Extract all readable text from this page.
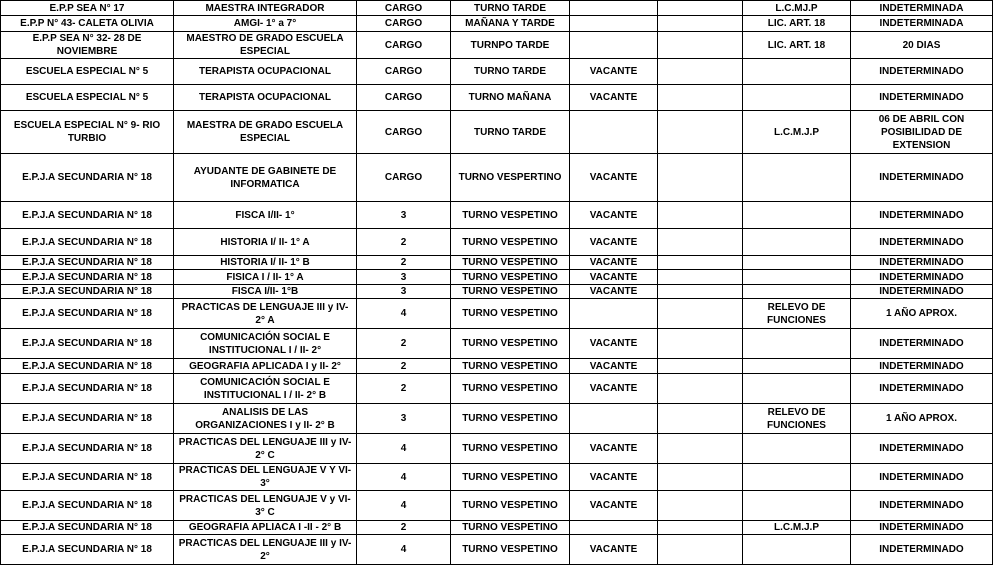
E.P.P SEA N° 17	MAESTRA INTEGRADOR	CARGO	TURNO TARDE			L.C.MJ.P	INDETERMINADA
E.P.P N° 43- CALETA OLIVIA	AMGI- 1° a 7°	CARGO	MAÑANA Y TARDE			LIC. ART. 18	INDETERMINADA
E.P.P SEA N° 32- 28 DE NOVIEMBRE	MAESTRO DE GRADO ESCUELA ESPECIAL	CARGO	TURNPO TARDE			LIC. ART. 18	20 DIAS
ESCUELA ESPECIAL N° 5	TERAPISTA OCUPACIONAL	CARGO	TURNO TARDE	VACANTE			INDETERMINADO
ESCUELA ESPECIAL N° 5	TERAPISTA OCUPACIONAL	CARGO	TURNO MAÑANA	VACANTE			INDETERMINADO
ESCUELA ESPECIAL N° 9- RIO TURBIO	MAESTRA DE GRADO ESCUELA ESPECIAL	CARGO	TURNO TARDE			L.C.M.J.P	06 DE ABRIL CON POSIBILIDAD DE EXTENSION
E.P.J.A SECUNDARIA N° 18	AYUDANTE DE GABINETE DE INFORMATICA	CARGO	TURNO VESPERTINO	VACANTE			INDETERMINADO
E.P.J.A SECUNDARIA N° 18	FISCA I/II- 1°	3	TURNO VESPETINO	VACANTE			INDETERMINADO
E.P.J.A SECUNDARIA N° 18	HISTORIA I/ II- 1° A	2	TURNO VESPETINO	VACANTE			INDETERMINADO
E.P.J.A SECUNDARIA N° 18	HISTORIA I/ II- 1° B	2	TURNO VESPETINO	VACANTE			INDETERMINADO
E.P.J.A SECUNDARIA N° 18	FISICA I / II- 1° A	3	TURNO VESPETINO	VACANTE			INDETERMINADO
E.P.J.A SECUNDARIA N° 18	FISCA I/II- 1°B	3	TURNO VESPETINO	VACANTE			INDETERMINADO
E.P.J.A SECUNDARIA N° 18	PRACTICAS DE LENGUAJE III y IV- 2° A	4	TURNO VESPETINO			RELEVO DE FUNCIONES	1 AÑO APROX.
E.P.J.A SECUNDARIA N° 18	COMUNICACIÓN SOCIAL E INSTITUCIONAL I / II- 2°	2	TURNO VESPETINO	VACANTE			INDETERMINADO
E.P.J.A SECUNDARIA N° 18	GEOGRAFIA APLICADA I y II- 2°	2	TURNO VESPETINO	VACANTE			INDETERMINADO
E.P.J.A SECUNDARIA N° 18	COMUNICACIÓN SOCIAL E INSTITUCIONAL I / II- 2° B	2	TURNO VESPETINO	VACANTE			INDETERMINADO
E.P.J.A SECUNDARIA N° 18	ANALISIS DE LAS ORGANIZACIONES I y II- 2° B	3	TURNO VESPETINO			RELEVO DE FUNCIONES	1 AÑO APROX.
E.P.J.A SECUNDARIA N° 18	PRACTICAS DEL LENGUAJE III y IV- 2° C	4	TURNO VESPETINO	VACANTE			INDETERMINADO
E.P.J.A SECUNDARIA N° 18	PRACTICAS DEL LENGUAJE V Y VI- 3°	4	TURNO VESPETINO	VACANTE			INDETERMINADO
E.P.J.A SECUNDARIA N° 18	PRACTICAS DEL LENGUAJE V y VI- 3° C	4	TURNO VESPETINO	VACANTE			INDETERMINADO
E.P.J.A SECUNDARIA N° 18	GEOGRAFIA APLIACA I -II - 2° B	2	TURNO VESPETINO			L.C.M.J.P	INDETERMINADO
E.P.J.A SECUNDARIA N° 18	PRACTICAS DEL LENGUAJE III y IV- 2°	4	TURNO VESPETINO	VACANTE			INDETERMINADO
